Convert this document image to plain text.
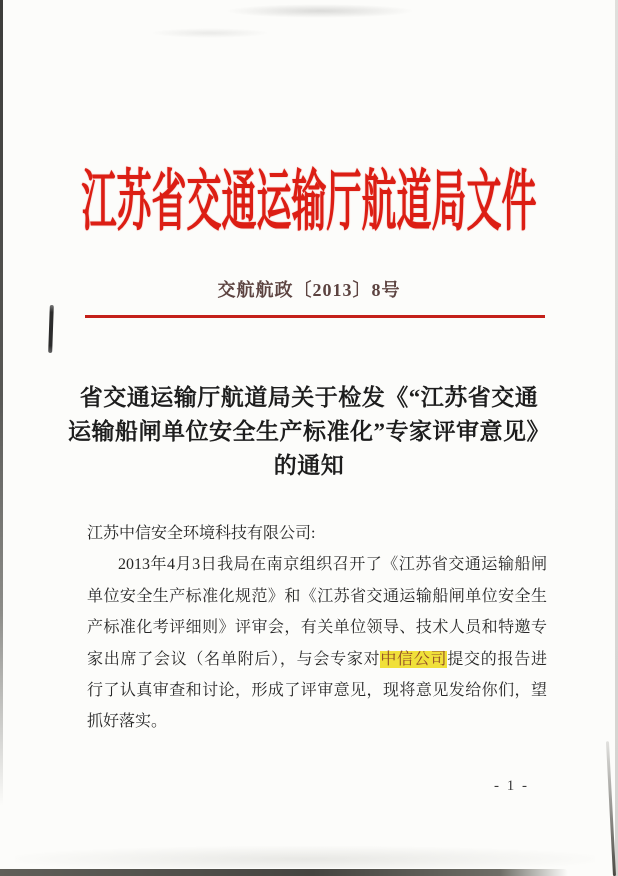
江苏省交通运输厅航道局文件
交航航政〔2013〕8号
省交通运输厅航道局关于检发《“江苏省交通
运输船闸单位安全生产标准化”专家评审意见》
的通知
江苏中信安全环境科技有限公司:
2013年4月3日我局在南京组织召开了《江苏省交通运输船闸
单位安全生产标准化规范》和《江苏省交通运输船闸单位安全生
产标准化考评细则》评审会，有关单位领导、技术人员和特邀专
家出席了会议（名单附后），与会专家对中信公司提交的报告进
行了认真审查和讨论，形成了评审意见，现将意见发给你们，望
抓好落实。
- 1 -
